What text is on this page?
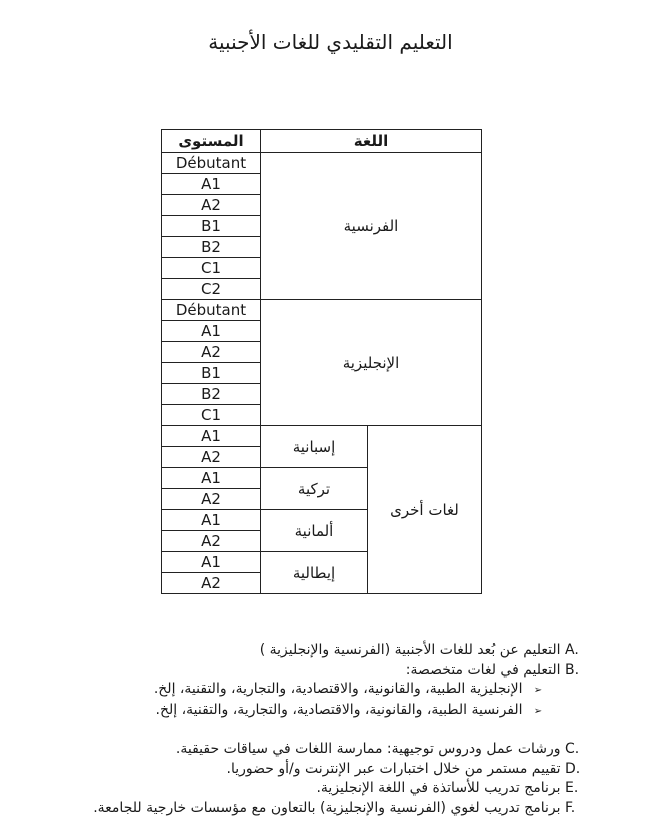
التعليم التقليدي للغات الأجنبية
المستوى	اللغة	
Débutant	الفرنسية	
A1		
A2		
B1		
B2		
C1		
C2		
Débutant	الإنجليزية	
A1		
A2		
B1		
B2		
C1		
A1	إسبانية	لغات أخرى
A2		
A1	تركية	
A2		
A1	ألمانية	
A2		
A1	إيطالية	
A2		
A. التعليم عن بُعد للغات الأجنبية (الفرنسية والإنجليزية )
B. التعليم في لغات متخصصة:
➢ الإنجليزية الطبية، والقانونية، والاقتصادية، والتجارية، والتقنية، إلخ.
➢ الفرنسية الطبية، والقانونية، والاقتصادية، والتجارية، والتقنية، إلخ.
C. ورشات عمل ودروس توجيهية: ممارسة اللغات في سياقات حقيقية.
D. تقييم مستمر من خلال اختبارات عبر الإنترنت و/أو حضوريا.
E. برنامج تدريب للأساتذة في اللغة الإنجليزية.
F. برنامج تدريب لغوي (الفرنسية والإنجليزية) بالتعاون مع مؤسسات خارجية للجامعة.
